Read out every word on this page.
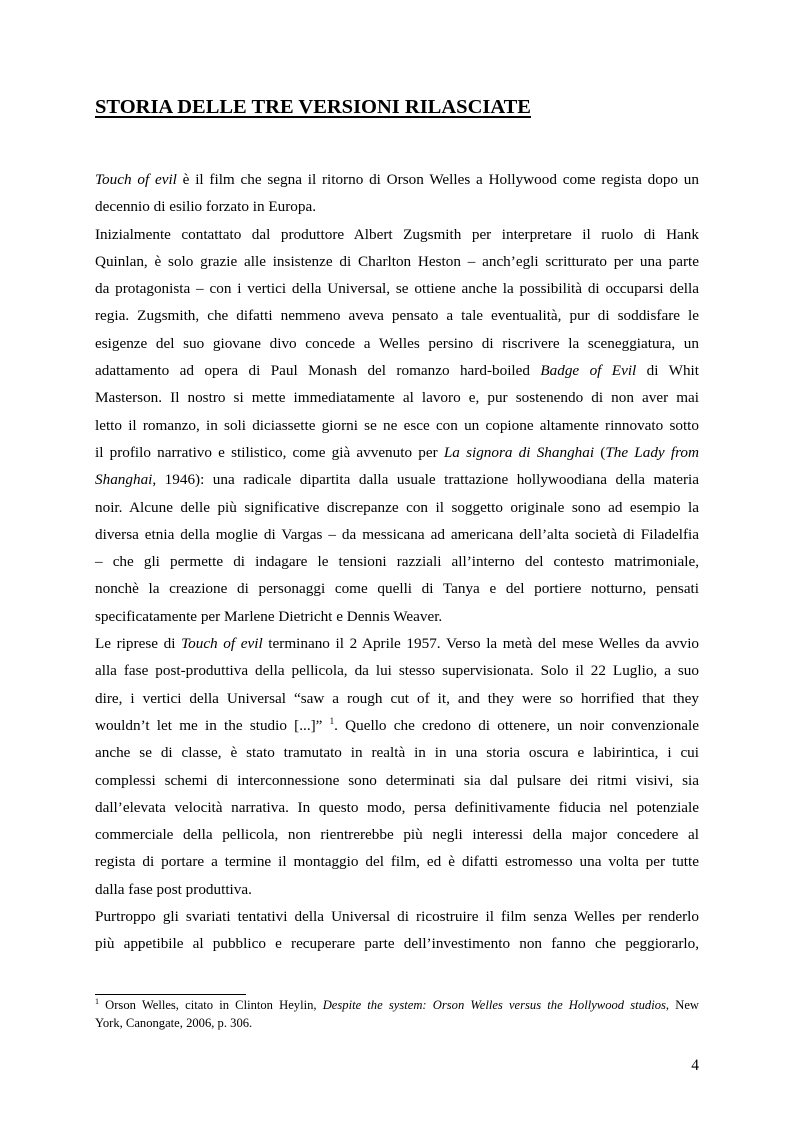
STORIA DELLE TRE VERSIONI RILASCIATE
Touch of evil è il film che segna il ritorno di Orson Welles a Hollywood come regista dopo un
decennio di esilio forzato in Europa.
Inizialmente contattato dal produttore Albert Zugsmith per interpretare il ruolo di Hank
Quinlan, è solo grazie alle insistenze di Charlton Heston – anch’egli scritturato per una parte
da protagonista – con i vertici della Universal, se ottiene anche la possibilità di occuparsi della
regia. Zugsmith, che difatti nemmeno aveva pensato a tale eventualità, pur di soddisfare le
esigenze del suo giovane divo concede a Welles persino di riscrivere la sceneggiatura, un
adattamento ad opera di Paul Monash del romanzo hard-boiled Badge of Evil di Whit
Masterson. Il nostro si mette immediatamente al lavoro e, pur sostenendo di non aver mai
letto il romanzo, in soli diciassette giorni se ne esce con un copione altamente rinnovato sotto
il profilo narrativo e stilistico, come già avvenuto per La signora di Shanghai (The Lady from
Shanghai, 1946): una radicale dipartita dalla usuale trattazione hollywoodiana della materia
noir. Alcune delle più significative discrepanze con il soggetto originale sono ad esempio la
diversa etnia della moglie di Vargas – da messicana ad americana dell’alta società di Filadelfia
– che gli permette di indagare le tensioni razziali all’interno del contesto matrimoniale,
nonchè la creazione di personaggi come quelli di Tanya e del portiere notturno, pensati
specificatamente per Marlene Dietricht e Dennis Weaver.
Le riprese di Touch of evil terminano il 2 Aprile 1957. Verso la metà del mese Welles da avvio
alla fase post-produttiva della pellicola, da lui stesso supervisionata. Solo il 22 Luglio, a suo
dire, i vertici della Universal “saw a rough cut of it, and they were so horrified that they
wouldn’t let me in the studio [...]” $^1$. Quello che credono di ottenere, un noir convenzionale
anche se di classe, è stato tramutato in realtà in in una storia oscura e labirintica, i cui
complessi schemi di interconnessione sono determinati sia dal pulsare dei ritmi visivi, sia
dall’elevata velocità narrativa. In questo modo, persa definitivamente fiducia nel potenziale
commerciale della pellicola, non rientrerebbe più negli interessi della major concedere al
regista di portare a termine il montaggio del film, ed è difatti estromesso una volta per tutte
dalla fase post produttiva.
Purtroppo gli svariati tentativi della Universal di ricostruire il film senza Welles per renderlo
più appetibile al pubblico e recuperare parte dell’investimento non fanno che peggiorarlo,
$^1$ Orson Welles, citato in Clinton Heylin, Despite the system: Orson Welles versus the Hollywood studios, New
York, Canongate, 2006, p. 306.
4
